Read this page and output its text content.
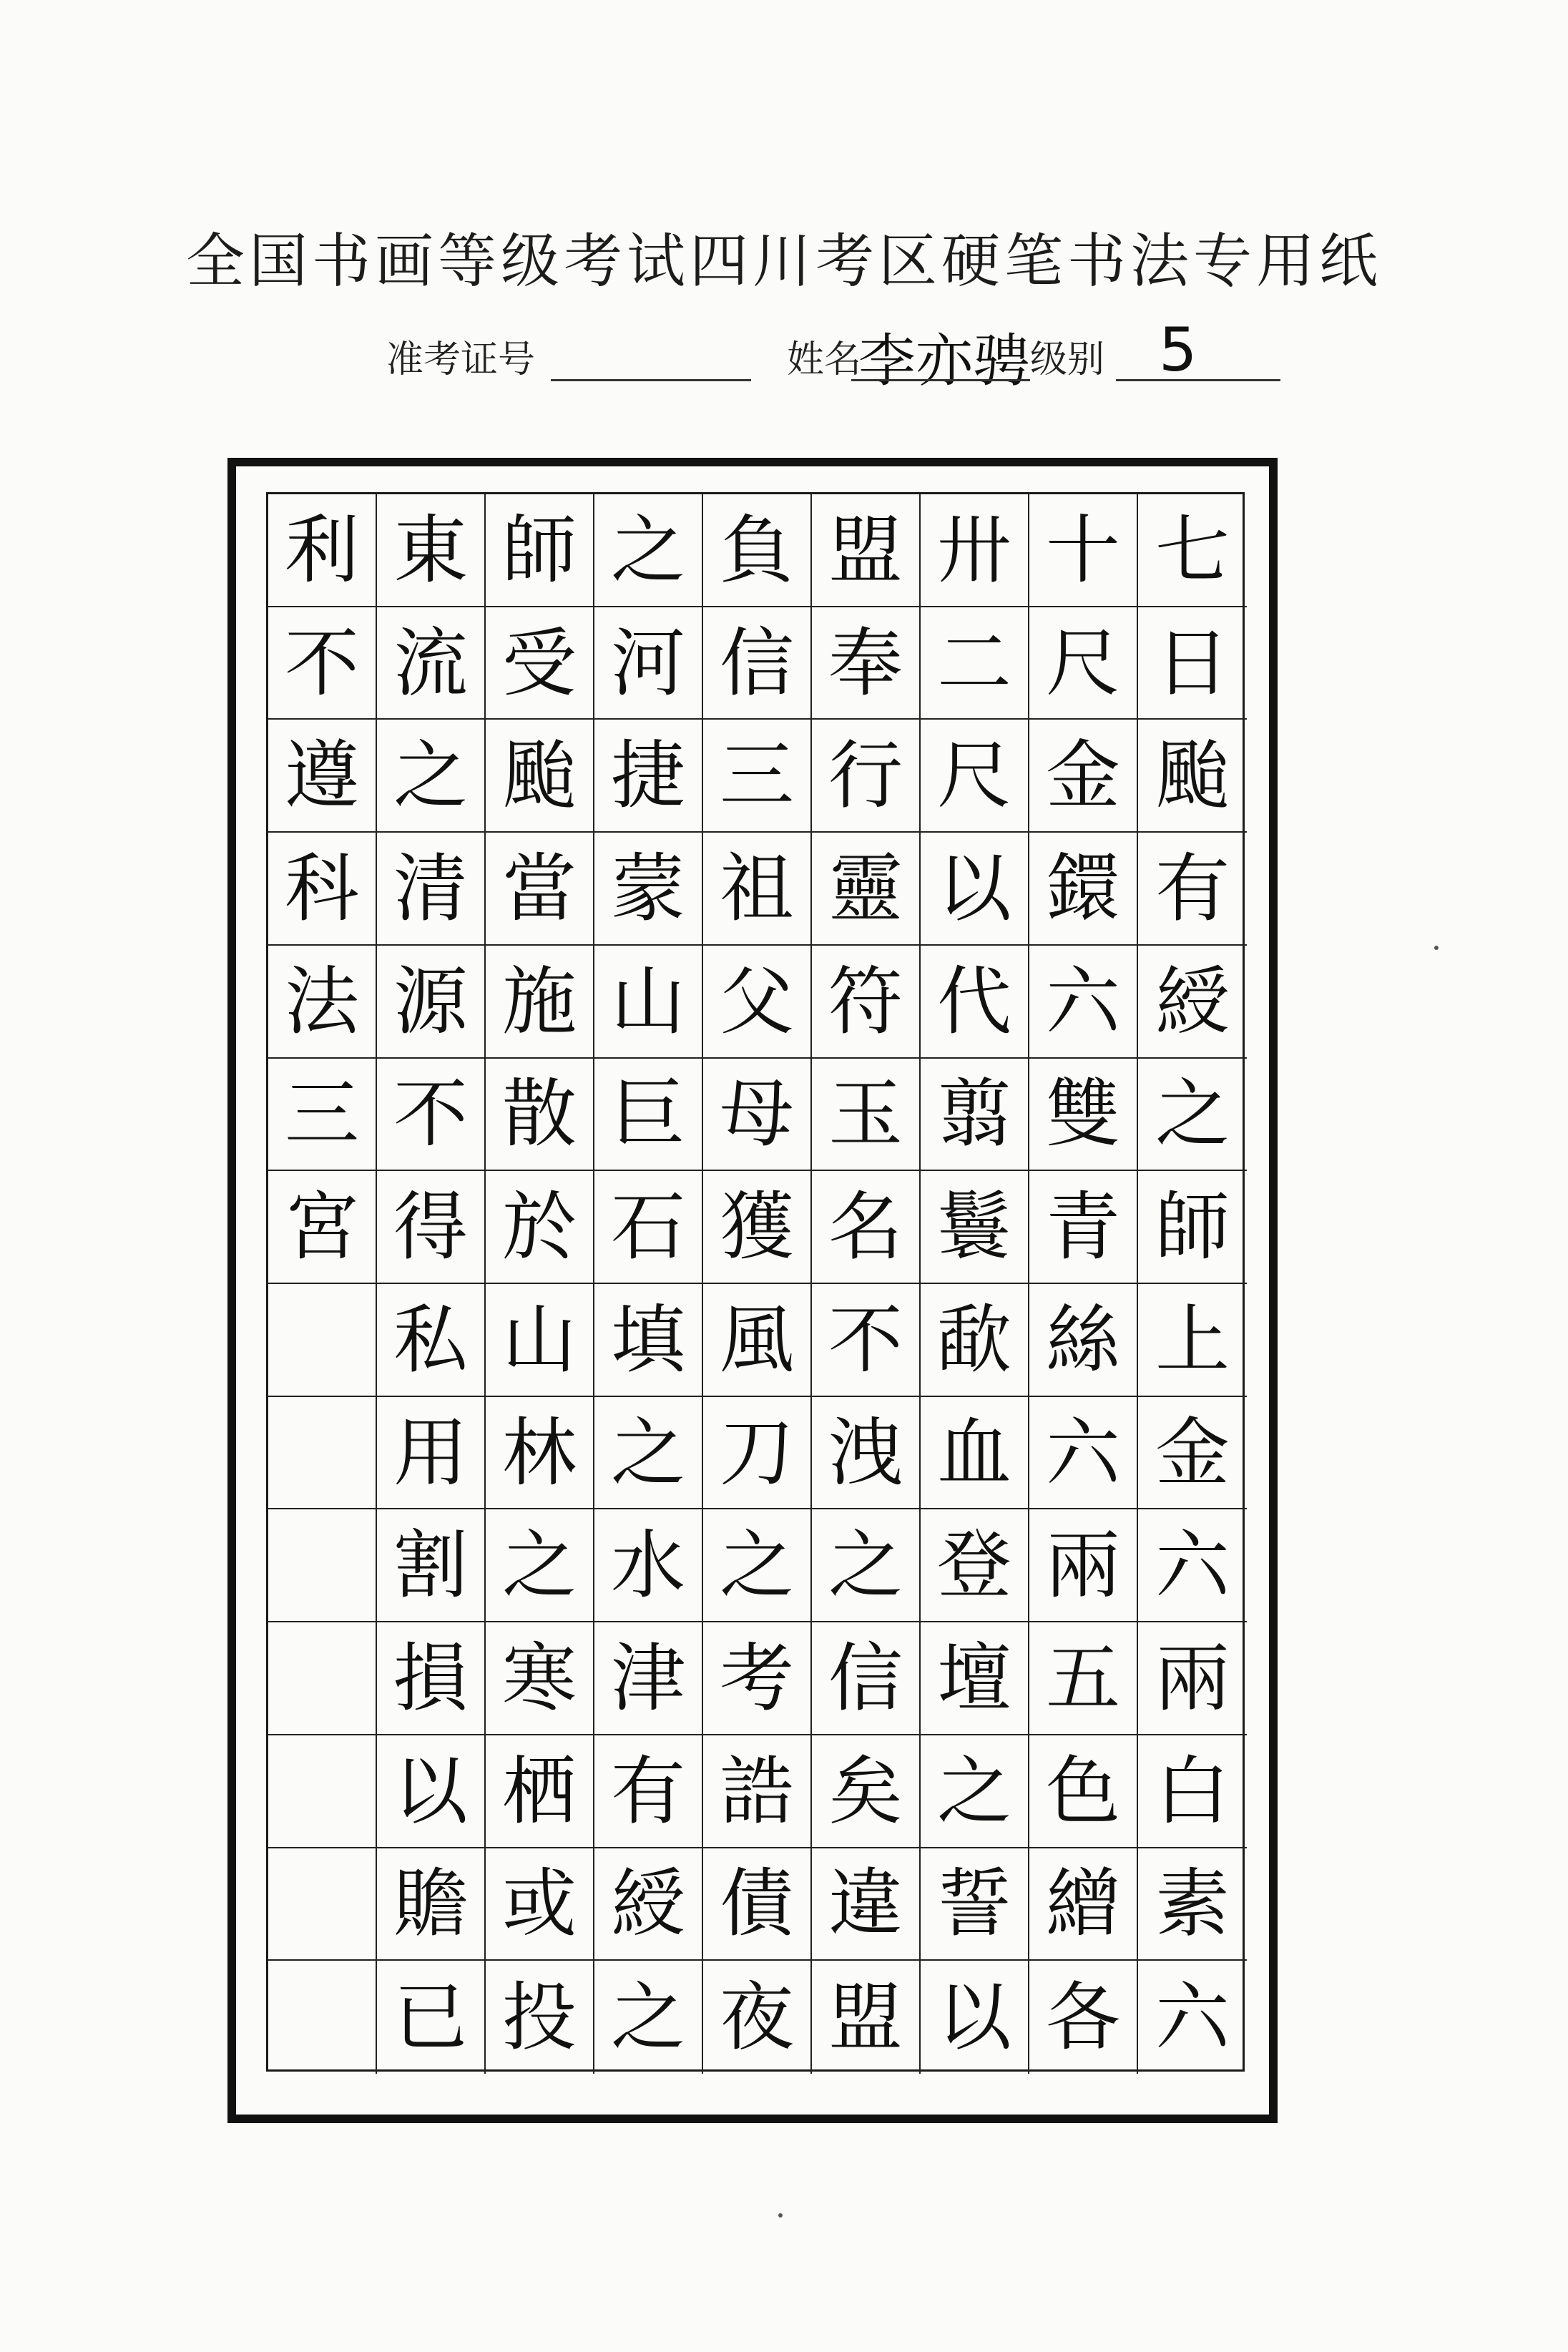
全国书画等级考试四川考区硬笔书法专用纸
准考证号	姓名
李亦骋 级别 5
利
不
遵
科
法
三
宮
東
流
之
清
源
不
得
私
用
割
損
以
贍
已
師
受
颱
當
施
散
於
山
林
之
寒
栖
或
投
之
河
捷
蒙
山
巨
石
填
之
水
津
有
綬
之
負
信
三
祖
父
母
獲
風
刀
之
考
誥
債
夜
盟
奉
行
靈
符
玉
名
不
洩
之
信
矣
違
盟
卅
二
尺
以
代
翦
鬟
歃
血
登
壇
之
誓
以
十
尺
金
鐶
六
雙
青
絲
六
兩
五
色
繒
各
七
日
颱
有
綬
之
師
上
金
六
兩
白
素
六
